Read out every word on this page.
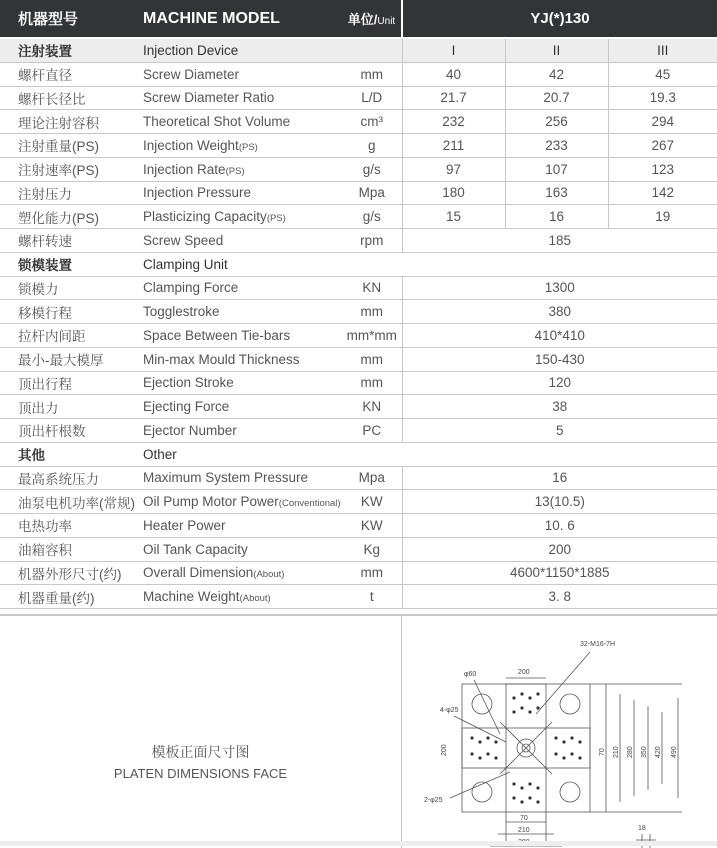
机器型号	MACHINE MODEL	单位/Unit	YJ(*)130		
注射装置	Injection Device		I	II	III
螺杆直径	Screw Diameter	mm	40	42	45
螺杆长径比	Screw Diameter Ratio	L/D	21.7	20.7	19.3
理论注射容积	Theoretical Shot Volume	cm³	232	256	294
注射重量(PS)	Injection Weight(PS)	g	211	233	267
注射速率(PS)	Injection Rate(PS)	g/s	97	107	123
注射压力	Injection Pressure	Mpa	180	163	142
塑化能力(PS)	Plasticizing Capacity(PS)	g/s	15	16	19
螺杆转速	Screw Speed	rpm	185		
锁模装置	Clamping Unit				
锁模力	Clamping Force	KN	1300		
移模行程	Togglestroke	mm	380		
拉杆内间距	Space Between Tie-bars	mm*mm	410*410		
最小-最大模厚	Min-max Mould Thickness	mm	150-430		
顶出行程	Ejection Stroke	mm	120		
顶出力	Ejecting Force	KN	38		
顶出杆根数	Ejector Number	PC	5		
其他	Other				
最高系统压力	Maximum System Pressure	Mpa	16		
油泵电机功率(常规)	Oil Pump Motor Power(Conventional)	KW	13(10.5)		
电热功率	Heater Power	KW	10. 6		
油箱容积	Oil Tank Capacity	Kg	200		
机器外形尺寸(约)	Overall Dimension(About)	mm	4600*1150*1885		
机器重量(约)	Machine Weight(About)	t	3. 8		
模板正面尺寸图
PLATEN DIMENSIONS FACE
32-M16-7H
φ60	200
4-φ25
200
2-φ25
70 210 280 350 420 490
70
210	18
